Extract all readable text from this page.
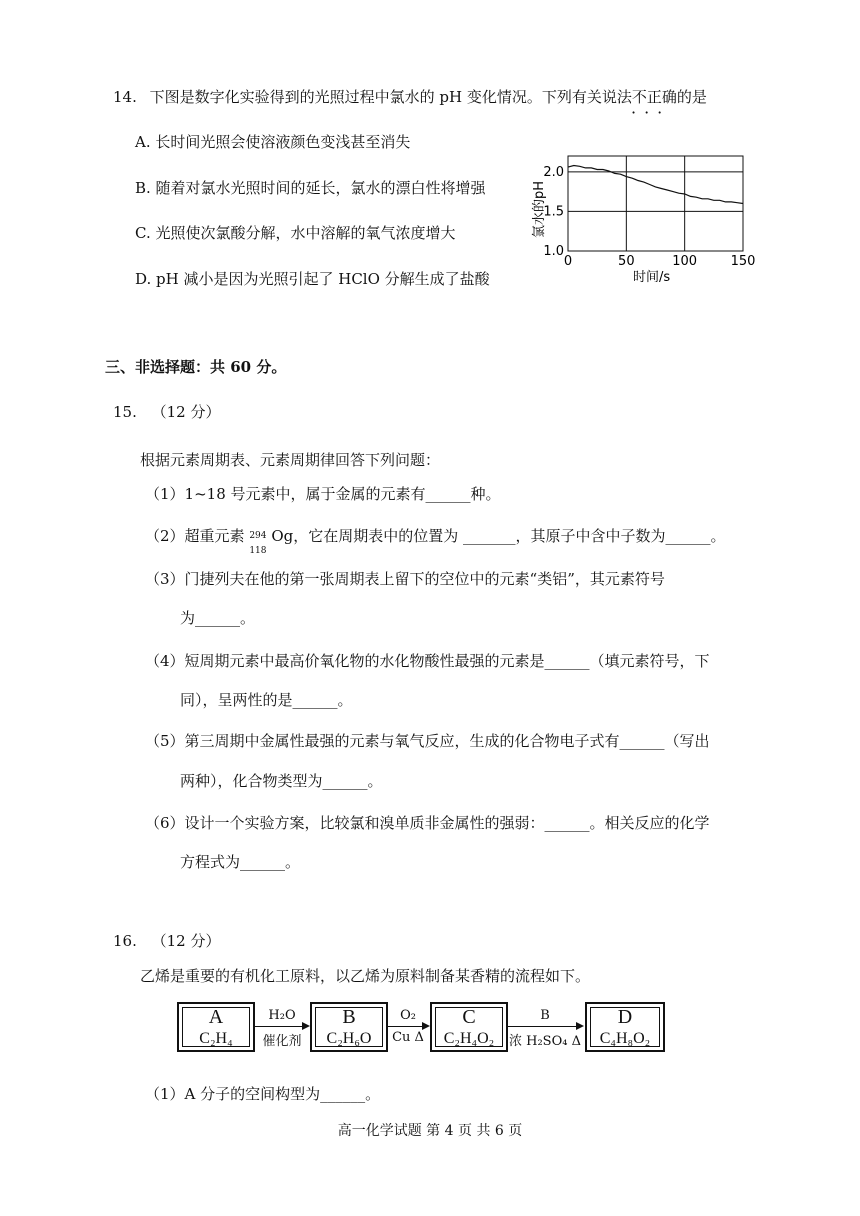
14. 下图是数字化实验得到的光照过程中氯水的 pH 变化情况。下列有关说法不正确的是
···
A. 长时间光照会使溶液颜色变浅甚至消失
B. 随着对氯水光照时间的延长，氯水的漂白性将增强
C. 光照使次氯酸分解，水中溶解的氧气浓度增大
D. pH 减小是因为光照引起了 HClO 分解生成了盐酸
0	50	100	150
1.0
1.5
2.0
氯水的pH
时间/s
三、非选择题：共 60 分。
15. （12 分）
根据元素周期表、元素周期律回答下列问题：
（1）1~18 号元素中，属于金属的元素有______种。
（2）超重元素 294
118
Og，它在周期表中的位置为 _______，其原子中含中子数为______。
（3）门捷列夫在他的第一张周期表上留下的空位中的元素“类铝”，其元素符号
为______。
（4）短周期元素中最高价氧化物的水化物酸性最强的元素是______（填元素符号，下
同），呈两性的是______。
（5）第三周期中金属性最强的元素与氧气反应，生成的化合物电子式有______（写出
两种），化合物类型为______。
（6）设计一个实验方案，比较氯和溴单质非金属性的强弱：______。相关反应的化学
方程式为______。
16. （12 分）
乙烯是重要的有机化工原料，以乙烯为原料制备某香精的流程如下。
A
C₂H₄
B
C₂H₆O
C
C₂H₄O₂
D
C₄H₈O₂
H₂O
催化剂
O₂
Cu Δ
B
浓 H₂SO₄ Δ
（1）A 分子的空间构型为______。
高一化学试题 第 4 页 共 6 页
